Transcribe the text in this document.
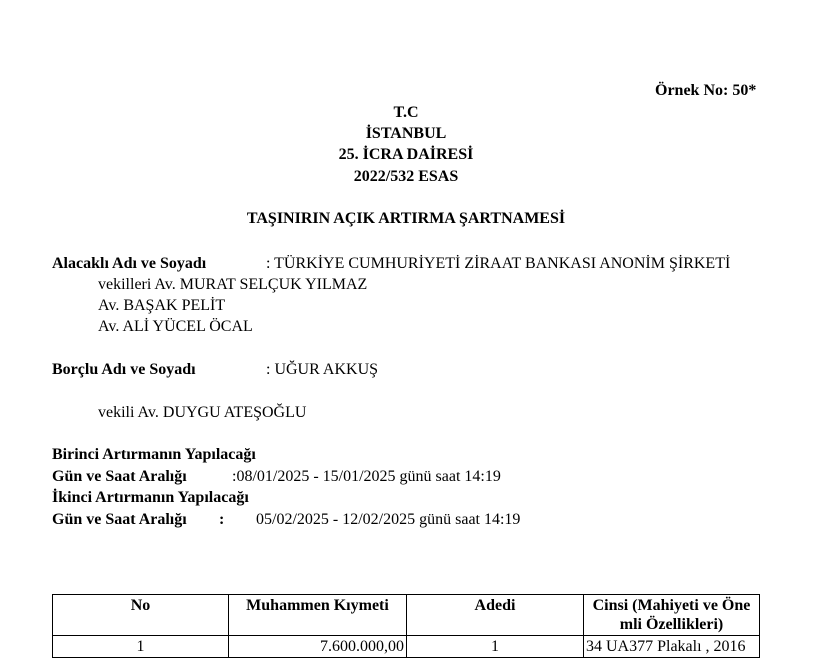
Örnek No: 50*
T.C
İSTANBUL
25. İCRA DAİRESİ
2022/532 ESAS
TAŞINIRIN AÇIK ARTIRMA ŞARTNAMESİ
Alacaklı Adı ve Soyadı	: TÜRKİYE CUMHURİYETİ ZİRAAT BANKASI ANONİM ŞİRKETİ
vekilleri Av. MURAT SELÇUK YILMAZ
Av. BAŞAK PELİT
Av. ALİ YÜCEL ÖCAL
Borçlu Adı ve Soyadı	: UĞUR AKKUŞ
vekili Av. DUYGU ATEŞOĞLU
Birinci Artırmanın Yapılacağı
Gün ve Saat Aralığı	:08/01/2025 - 15/01/2025 günü saat 14:19
İkinci Artırmanın Yapılacağı
Gün ve Saat Aralığı : 05/02/2025 - 12/02/2025 günü saat 14:19
No	Muhammen Kıymeti	Adedi	Cinsi (Mahiyeti ve Öne mli Özellikleri)
1	7.600.000,00	1	34 UA377 Plakalı , 2016
